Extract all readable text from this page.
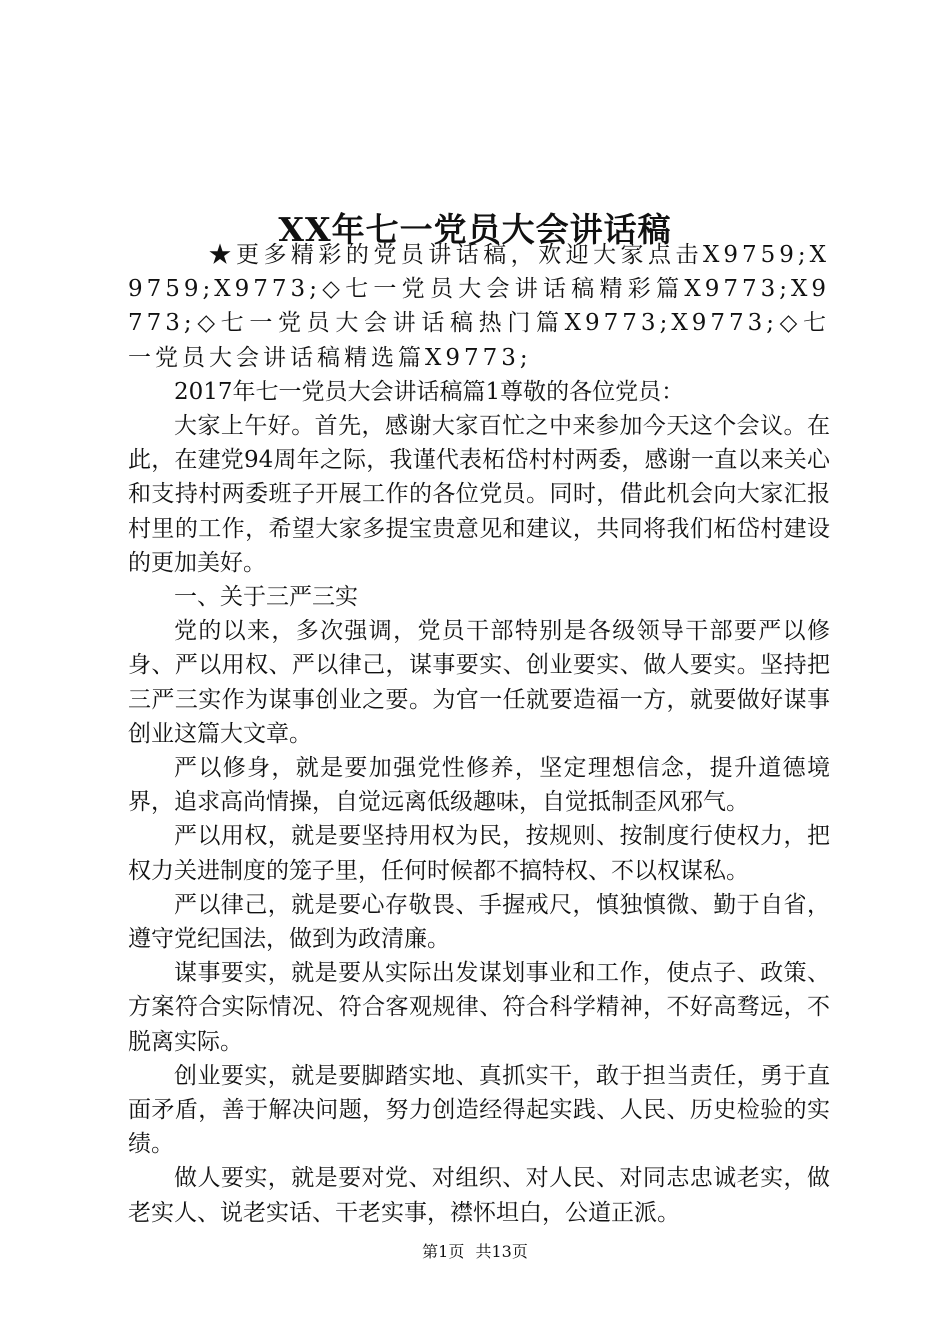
XX年七一党员大会讲话稿

★更多精彩的党员讲话稿，欢迎大家点击X9759;X9759;X9773;◇七一党员大会讲话稿精彩篇X9773;X9773;◇七一党员大会讲话稿热门篇X9773;X9773;◇七一党员大会讲话稿精选篇X9773;

2017年七一党员大会讲话稿篇1尊敬的各位党员：

大家上午好。首先，感谢大家百忙之中来参加今天这个会议。在此，在建党94周年之际，我谨代表柘岱村村两委，感谢一直以来关心和支持村两委班子开展工作的各位党员。同时，借此机会向大家汇报村里的工作，希望大家多提宝贵意见和建议，共同将我们柘岱村建设的更加美好。

一、关于三严三实

党的以来，多次强调，党员干部特别是各级领导干部要严以修身、严以用权、严以律己，谋事要实、创业要实、做人要实。坚持把三严三实作为谋事创业之要。为官一任就要造福一方，就要做好谋事创业这篇大文章。

严以修身，就是要加强党性修养，坚定理想信念，提升道德境界，追求高尚情操，自觉远离低级趣味，自觉抵制歪风邪气。

严以用权，就是要坚持用权为民，按规则、按制度行使权力，把权力关进制度的笼子里，任何时候都不搞特权、不以权谋私。

严以律己，就是要心存敬畏、手握戒尺，慎独慎微、勤于自省，遵守党纪国法，做到为政清廉。

谋事要实，就是要从实际出发谋划事业和工作，使点子、政策、方案符合实际情况、符合客观规律、符合科学精神，不好高骛远，不脱离实际。

创业要实，就是要脚踏实地、真抓实干，敢于担当责任，勇于直面矛盾，善于解决问题，努力创造经得起实践、人民、历史检验的实绩。

做人要实，就是要对党、对组织、对人民、对同志忠诚老实，做老实人、说老实话、干老实事，襟怀坦白，公道正派。

第1页 共13页
